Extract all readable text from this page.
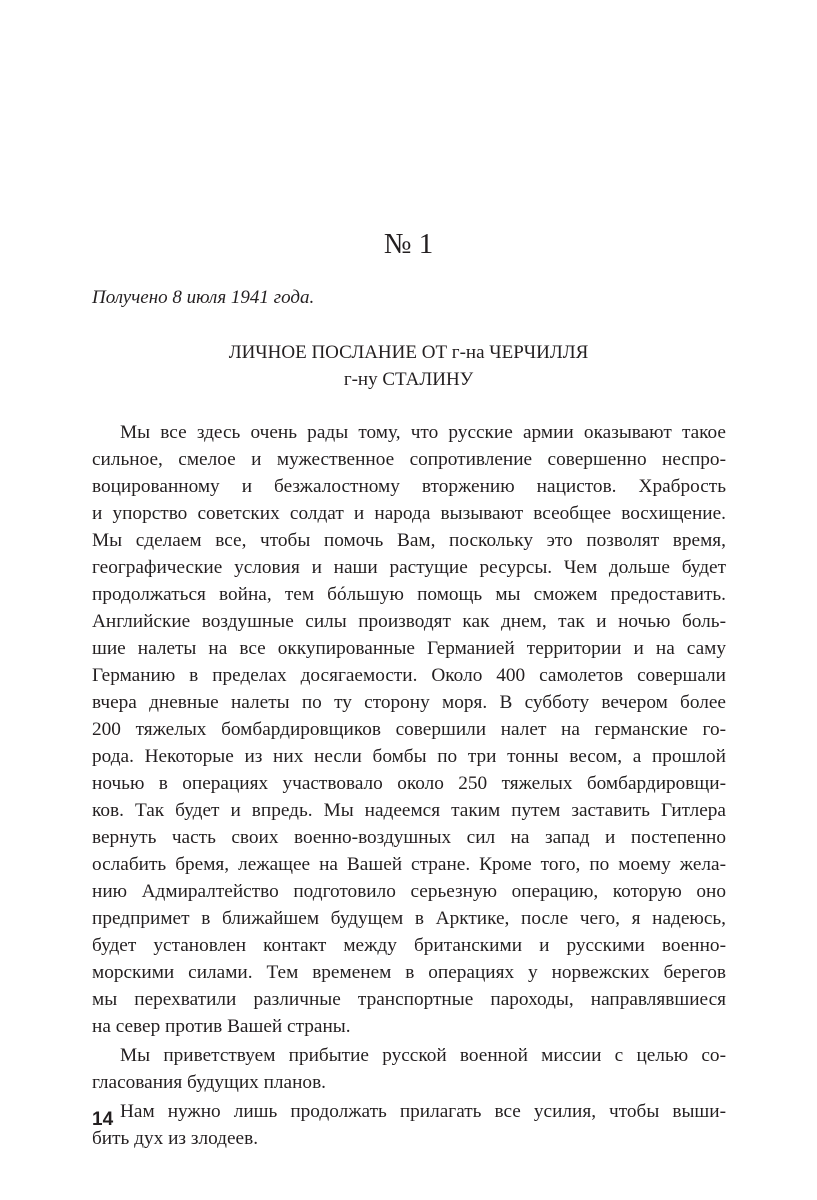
№ 1
Получено 8 июля 1941 года.
ЛИЧНОЕ ПОСЛАНИЕ ОТ г-на ЧЕРЧИЛЛЯ
г-ну СТАЛИНУ
Мы все здесь очень рады тому, что русские армии оказывают такое
сильное, смелое и мужественное сопротивление совершенно неспро-
воцированному и безжалостному вторжению нацистов. Храбрость
и упорство советских солдат и народа вызывают всеобщее восхищение.
Мы сделаем все, чтобы помочь Вам, поскольку это позволят время,
географические условия и наши растущие ресурсы. Чем дольше будет
продолжаться война, тем бóльшую помощь мы сможем предоставить.
Английские воздушные силы производят как днем, так и ночью боль-
шие налеты на все оккупированные Германией территории и на саму
Германию в пределах досягаемости. Около 400 самолетов совершали
вчера дневные налеты по ту сторону моря. В субботу вечером более
200 тяжелых бомбардировщиков совершили налет на германские го-
рода. Некоторые из них несли бомбы по три тонны весом, а прошлой
ночью в операциях участвовало около 250 тяжелых бомбардировщи-
ков. Так будет и впредь. Мы надеемся таким путем заставить Гитлера
вернуть часть своих военно-воздушных сил на запад и постепенно
ослабить бремя, лежащее на Вашей стране. Кроме того, по моему жела-
нию Адмиралтейство подготовило серьезную операцию, которую оно
предпримет в ближайшем будущем в Арктике, после чего, я надеюсь,
будет установлен контакт между британскими и русскими военно-
морскими силами. Тем временем в операциях у норвежских берегов
мы перехватили различные транспортные пароходы, направлявшиеся
на север против Вашей страны.
Мы приветствуем прибытие русской военной миссии с целью со-
гласования будущих планов.
Нам нужно лишь продолжать прилагать все усилия, чтобы выши-
бить дух из злодеев.
14
